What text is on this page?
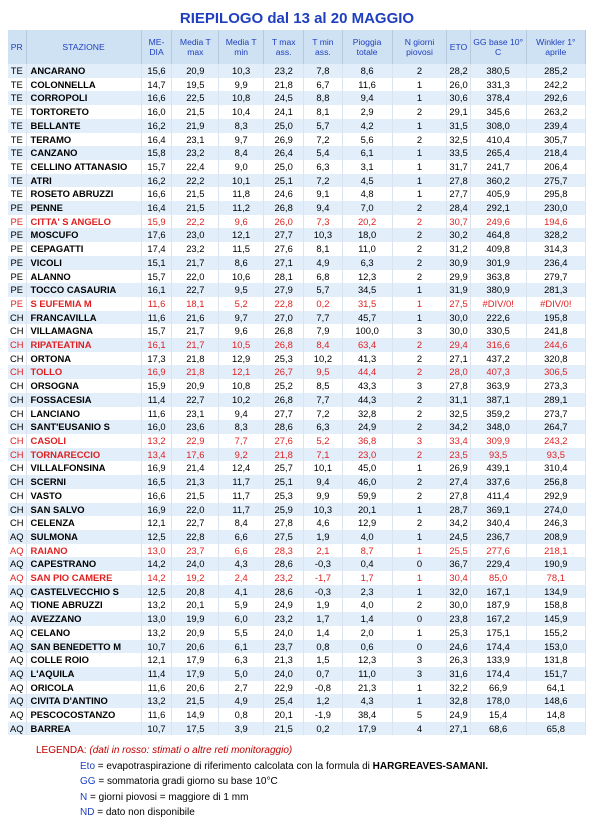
RIEPILOGO dal 13 al 20 MAGGIO
PR	STAZIONE	ME-DIA	Media T max	Media T min	T max ass.	T min ass.	Pioggia totale	N giorni piovosi	ETO	GG base 10° C	Winkler 1° aprile
TE	ANCARANO	15,6	20,9	10,3	23,2	7,8	8,6	2	28,2	380,5	285,2
TE	COLONNELLA	14,7	19,5	9,9	21,8	6,7	11,6	1	26,0	331,3	242,2
TE	CORROPOLI	16,6	22,5	10,8	24,5	8,8	9,4	1	30,6	378,4	292,6
TE	TORTORETO	16,0	21,5	10,4	24,1	8,1	2,9	2	29,1	345,6	263,2
TE	BELLANTE	16,2	21,9	8,3	25,0	5,7	4,2	1	31,5	308,0	239,4
TE	TERAMO	16,4	23,1	9,7	26,9	7,2	5,6	2	32,5	410,4	305,7
TE	CANZANO	15,8	23,2	8,4	26,4	5,4	6,1	1	33,5	265,4	218,4
TE	CELLINO ATTANASIO	15,7	22,4	9,0	25,0	6,3	3,1	1	31,7	241,7	206,4
TE	ATRI	16,2	22,2	10,1	25,1	7,2	4,5	1	27,8	360,2	275,7
TE	ROSETO ABRUZZI	16,6	21,5	11,8	24,6	9,1	4,8	1	27,7	405,9	295,8
PE	PENNE	16,4	21,5	11,2	26,8	9,4	7,0	2	28,4	292,1	230,0
PE	CITTA' S ANGELO	15,9	22,2	9,6	26,0	7,3	20,2	2	30,7	249,6	194,6
PE	MOSCUFO	17,6	23,0	12,1	27,7	10,3	18,0	2	30,2	464,8	328,2
PE	CEPAGATTI	17,4	23,2	11,5	27,6	8,1	11,0	2	31,2	409,8	314,3
PE	VICOLI	15,1	21,7	8,6	27,1	4,9	6,3	2	30,9	301,9	236,4
PE	ALANNO	15,7	22,0	10,6	28,1	6,8	12,3	2	29,9	363,8	279,7
PE	TOCCO CASAURIA	16,1	22,7	9,5	27,9	5,7	34,5	1	31,9	380,9	281,3
PE	S EUFEMIA M	11,6	18,1	5,2	22,8	0,2	31,5	1	27,5	#DIV/0!	#DIV/0!
CH	FRANCAVILLA	11,6	21,6	9,7	27,0	7,7	45,7	1	30,0	222,6	195,8
CH	VILLAMAGNA	15,7	21,7	9,6	26,8	7,9	100,0	3	30,0	330,5	241,8
CH	RIPATEATINA	16,1	21,7	10,5	26,8	8,4	63,4	2	29,4	316,6	244,6
CH	ORTONA	17,3	21,8	12,9	25,3	10,2	41,3	2	27,1	437,2	320,8
CH	TOLLO	16,9	21,8	12,1	26,7	9,5	44,4	2	28,0	407,3	306,5
CH	ORSOGNA	15,9	20,9	10,8	25,2	8,5	43,3	3	27,8	363,9	273,3
CH	FOSSACESIA	11,4	22,7	10,2	26,8	7,7	44,3	2	31,1	387,1	289,1
CH	LANCIANO	11,6	23,1	9,4	27,7	7,2	32,8	2	32,5	359,2	273,7
CH	SANT'EUSANIO S	16,0	23,6	8,3	28,6	6,3	24,9	2	34,2	348,0	264,7
CH	CASOLI	13,2	22,9	7,7	27,6	5,2	36,8	3	33,4	309,9	243,2
CH	TORNARECCIO	13,4	17,6	9,2	21,8	7,1	23,0	2	23,5	93,5	93,5
CH	VILLALFONSINA	16,9	21,4	12,4	25,7	10,1	45,0	1	26,9	439,1	310,4
CH	SCERNI	16,5	21,3	11,7	25,1	9,4	46,0	2	27,4	337,6	256,8
CH	VASTO	16,6	21,5	11,7	25,3	9,9	59,9	2	27,8	411,4	292,9
CH	SAN SALVO	16,9	22,0	11,7	25,9	10,3	20,1	1	28,7	369,1	274,0
CH	CELENZA	12,1	22,7	8,4	27,8	4,6	12,9	2	34,2	340,4	246,3
AQ	SULMONA	12,5	22,8	6,6	27,5	1,9	4,0	1	24,5	236,7	208,9
AQ	RAIANO	13,0	23,7	6,6	28,3	2,1	8,7	1	25,5	277,6	218,1
AQ	CAPESTRANO	14,2	24,0	4,3	28,6	-0,3	0,4	0	36,7	229,4	190,9
AQ	SAN PIO CAMERE	14,2	19,2	2,4	23,2	-1,7	1,7	1	30,4	85,0	78,1
AQ	CASTELVECCHIO S	12,5	20,8	4,1	28,6	-0,3	2,3	1	32,0	167,1	134,9
AQ	TIONE ABRUZZI	13,2	20,1	5,9	24,9	1,9	4,0	2	30,0	187,9	158,8
AQ	AVEZZANO	13,0	19,9	6,0	23,2	1,7	1,4	0	23,8	167,2	145,9
AQ	CELANO	13,2	20,9	5,5	24,0	1,4	2,0	1	25,3	175,1	155,2
AQ	SAN BENEDETTO M	10,7	20,6	6,1	23,7	0,8	0,6	0	24,6	174,4	153,0
AQ	COLLE ROIO	12,1	17,9	6,3	21,3	1,5	12,3	3	26,3	133,9	131,8
AQ	L'AQUILA	11,4	17,9	5,0	24,0	0,7	11,0	3	31,6	174,4	151,7
AQ	ORICOLA	11,6	20,6	2,7	22,9	-0,8	21,3	1	32,2	66,9	64,1
AQ	CIVITA D'ANTINO	13,2	21,5	4,9	25,4	1,2	4,3	1	32,8	178,0	148,6
AQ	PESCOCOSTANZO	11,6	14,9	0,8	20,1	-1,9	38,4	5	24,9	15,4	14,8
AQ	BARREA	10,7	17,5	3,9	21,5	0,2	17,9	4	27,1	68,6	65,8
LEGENDA: (dati in rosso: stimati o altre reti monitoraggio)
Eto = evapotraspirazione di riferimento calcolata con la formula di HARGREAVES-SAMANI.
GG = sommatoria gradi giorno su base 10°C
N = giorni piovosi = maggiore di 1 mm
ND = dato non disponibile
